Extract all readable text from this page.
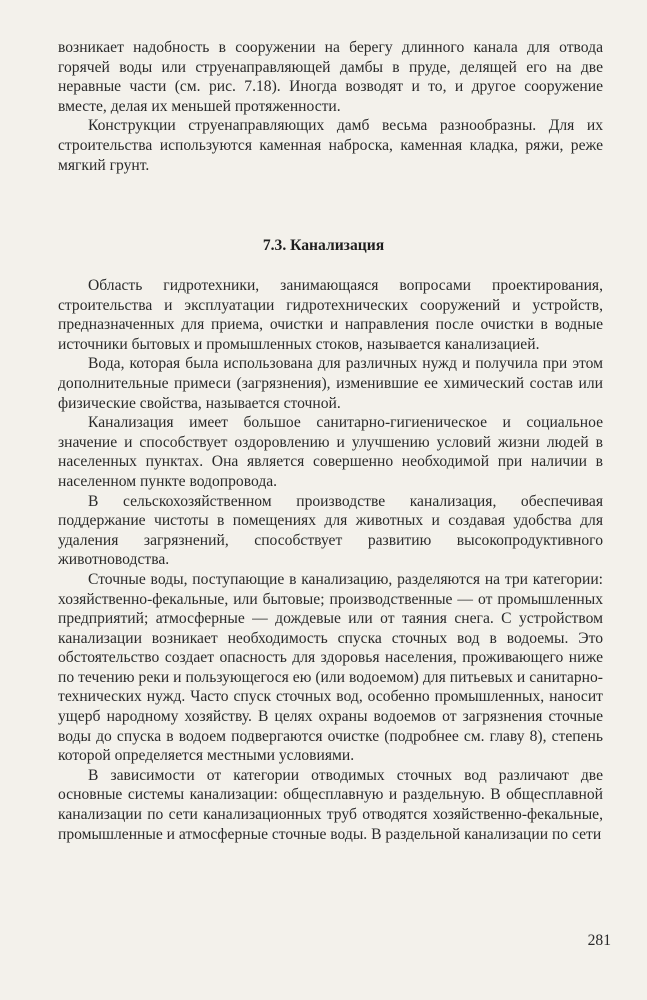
возникает надобность в сооружении на берегу длинного канала для отвода горячей воды или струенаправляющей дамбы в пруде, делящей его на две неравные части (см. рис. 7.18). Иногда возводят и то, и другое сооружение вместе, делая их меньшей протяженности.

Конструкции струенаправляющих дамб весьма разнообразны. Для их строительства используются каменная наброска, каменная кладка, ряжи, реже мягкий грунт.

7.3. Канализация

Область гидротехники, занимающаяся вопросами проектирования, строительства и эксплуатации гидротехнических сооружений и устройств, предназначенных для приема, очистки и направления после очистки в водные источники бытовых и промышленных стоков, называется канализацией.

Вода, которая была использована для различных нужд и получила при этом дополнительные примеси (загрязнения), изменившие ее химический состав или физические свойства, называется сточной.

Канализация имеет большое санитарно-гигиеническое и социальное значение и способствует оздоровлению и улучшению условий жизни людей в населенных пунктах. Она является совершенно необходимой при наличии в населенном пункте водопровода.

В сельскохозяйственном производстве канализация, обеспечивая поддержание чистоты в помещениях для животных и создавая удобства для удаления загрязнений, способствует развитию высокопродуктивного животноводства.

Сточные воды, поступающие в канализацию, разделяются на три категории: хозяйственно-фекальные, или бытовые; производственные — от промышленных предприятий; атмосферные — дождевые или от таяния снега. С устройством канализации возникает необходимость спуска сточных вод в водоемы. Это обстоятельство создает опасность для здоровья населения, проживающего ниже по течению реки и пользующегося ею (или водоемом) для питьевых и санитарно-технических нужд. Часто спуск сточных вод, особенно промышленных, наносит ущерб народному хозяйству. В целях охраны водоемов от загрязнения сточные воды до спуска в водоем подвергаются очистке (подробнее см. главу 8), степень которой определяется местными условиями.

В зависимости от категории отводимых сточных вод различают две основные системы канализации: общесплавную и раздельную. В общесплавной канализации по сети канализационных труб отводятся хозяйственно-фекальные, промышленные и атмосферные сточные воды. В раздельной канализации по сети

281
